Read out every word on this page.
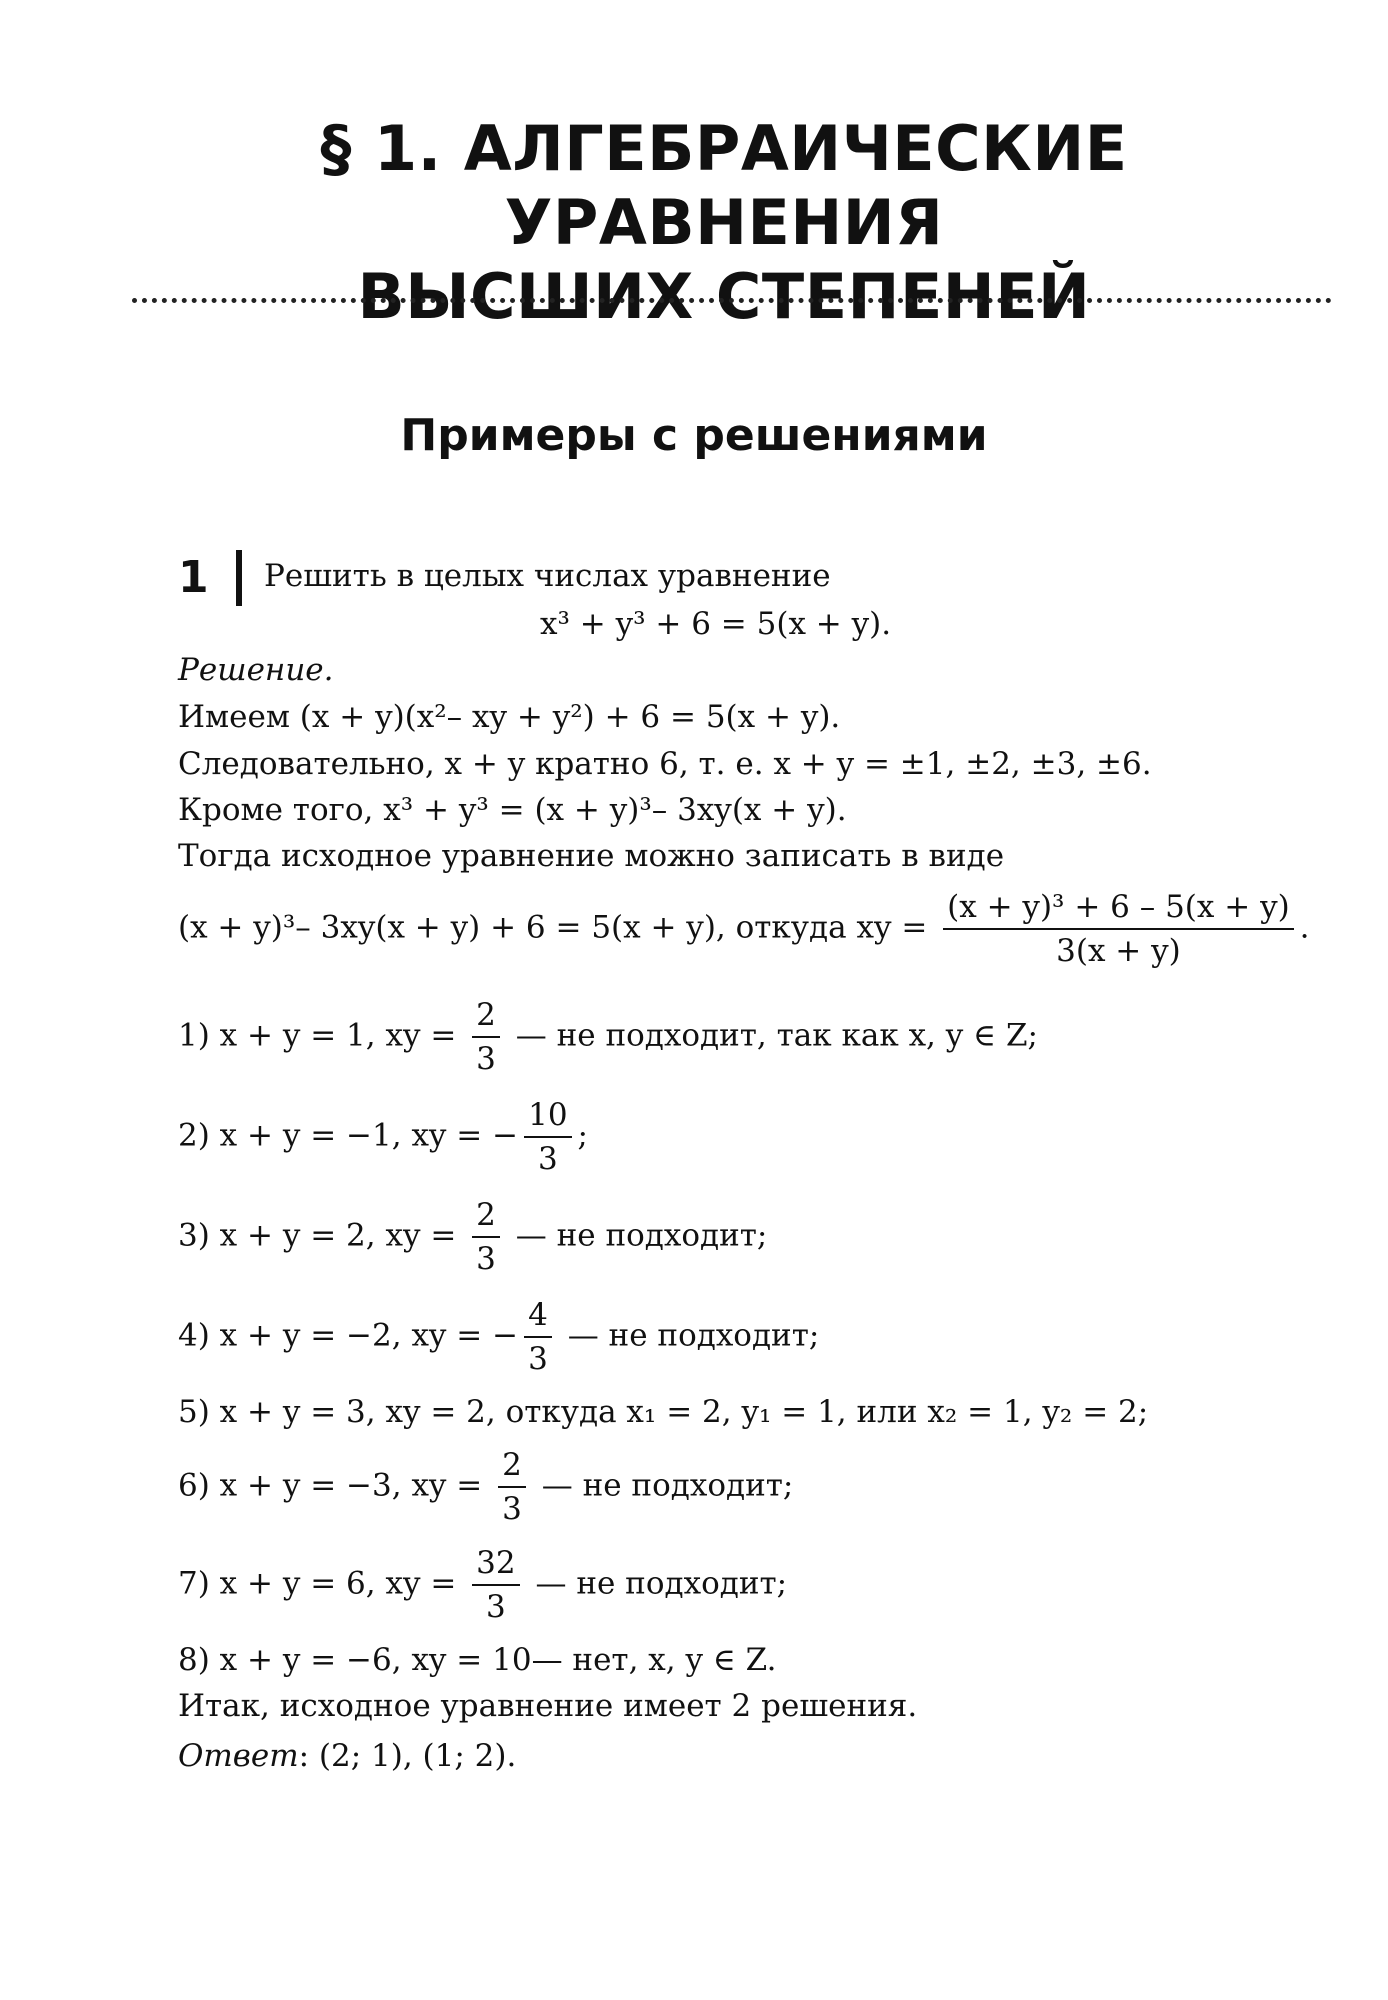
§ 1. АЛГЕБРАИЧЕСКИЕ УРАВНЕНИЯ
ВЫСШИХ СТЕПЕНЕЙ
Примеры с решениями
1 Решить в целых числах уравнение
x³ + y³ + 6 = 5(x + y).
Решение.
Имеем (x + y)(x²– xy + y²) + 6 = 5(x + y).
Следовательно, x + y кратно 6, т. е. x + y = ±1, ±2, ±3, ±6.
Кроме того, x³ + y³ = (x + y)³– 3xy(x + y).
Тогда исходное уравнение можно записать в виде
(x + y)³– 3xy(x + y) + 6 = 5(x + y), откуда xy = $\frac{\text{(x + y)³ + 6 – 5(x + y)}}{3(x + y)}$ .
1) x + y = 1, xy = $\frac{2}{3}$ — не подходит, так как x, y ∈ Z;
2) x + y = −1, xy = − $\frac{10}{3}$ ;
3) x + y = 2, xy = $\frac{2}{3}$ — не подходит;
4) x + y = −2, xy = − $\frac{4}{3}$ — не подходит;
5) x + y = 3, xy = 2, откуда x₁ = 2, y₁ = 1, или x₂ = 1, y₂ = 2;
6) x + y = −3, xy = $\frac{2}{3}$ — не подходит;
7) x + y = 6, xy = $\frac{32}{3}$ — не подходит;
8) x + y = −6, xy = 10— нет, x, y ∈ Z.
Итак, исходное уравнение имеет 2 решения.
Ответ: (2; 1), (1; 2).
